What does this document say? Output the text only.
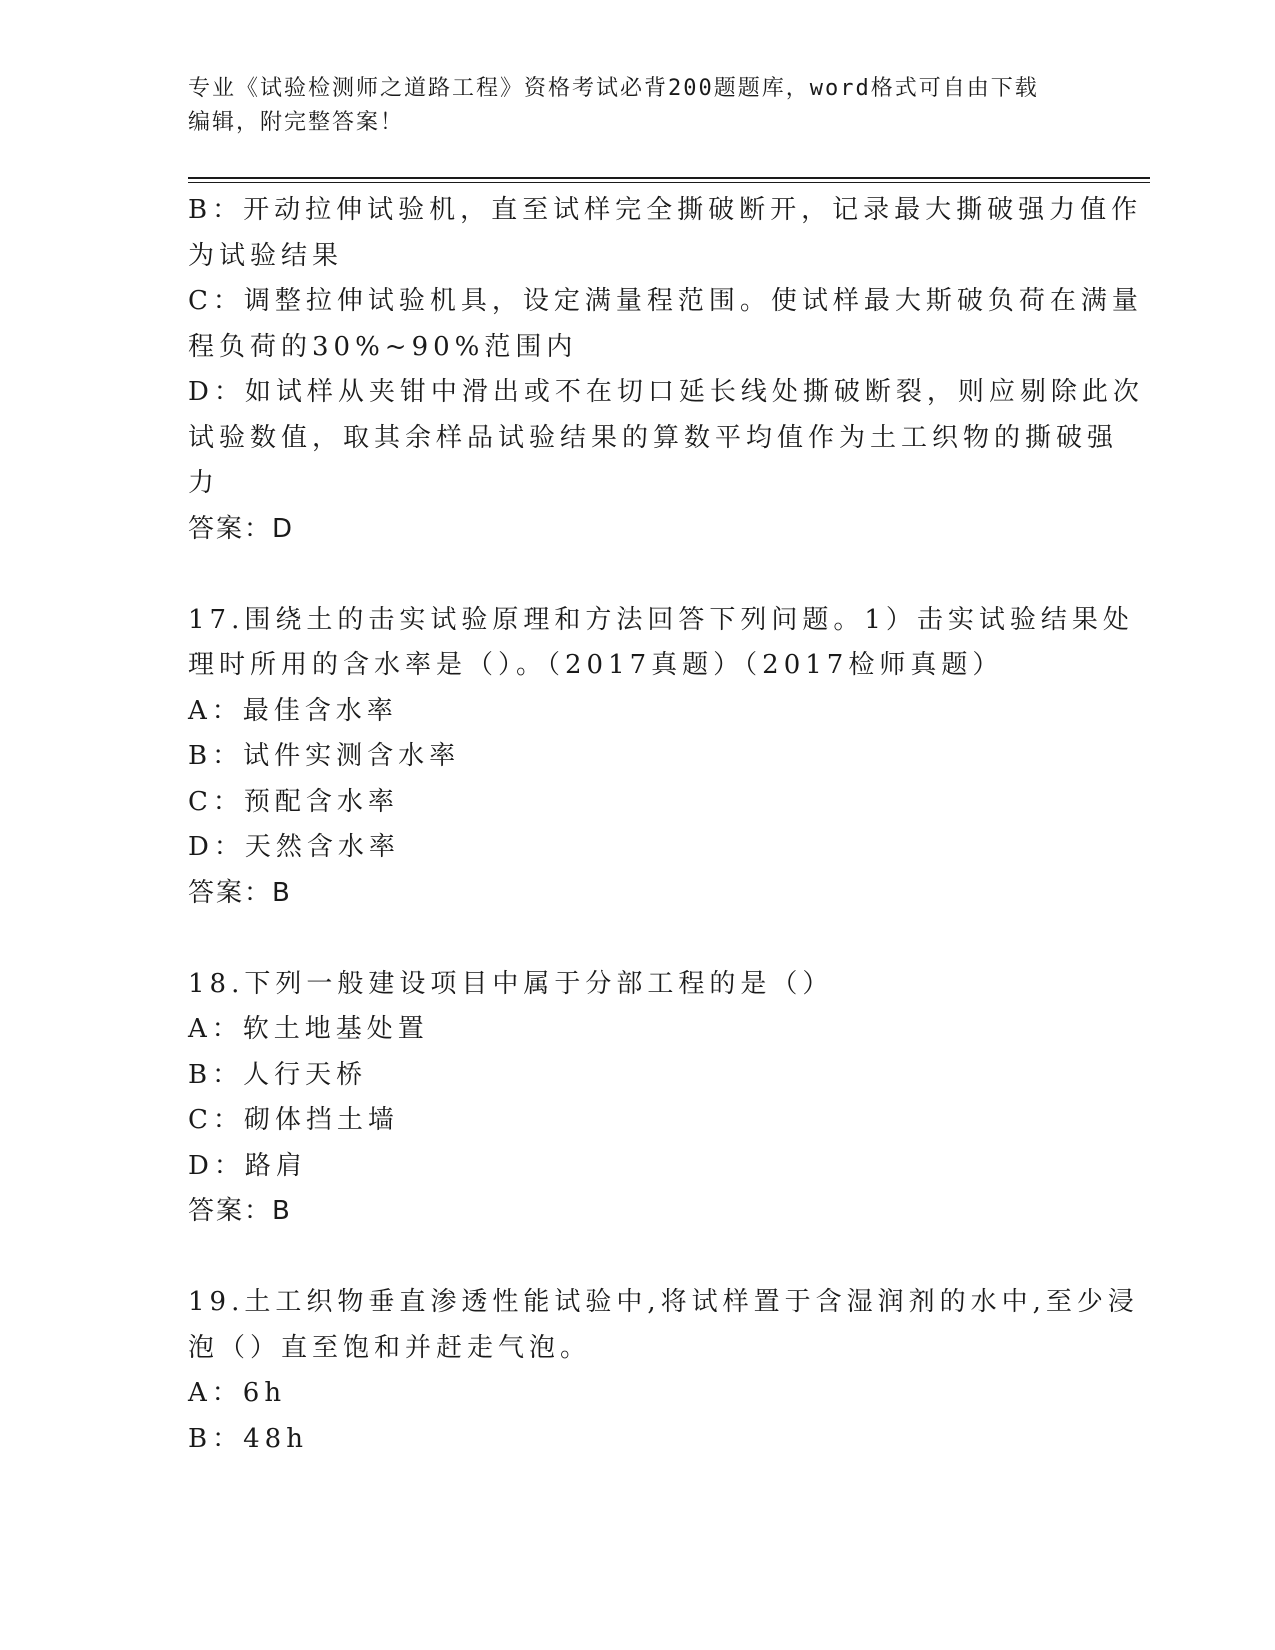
专业《试验检测师之道路工程》资格考试必背200题题库，word格式可自由下载
编辑，附完整答案！
B：开动拉伸试验机，直至试样完全撕破断开，记录最大撕破强力值作
为试验结果
C：调整拉伸试验机具，设定满量程范围。使试样最大斯破负荷在满量
程负荷的30%~90%范围内
D：如试样从夹钳中滑出或不在切口延长线处撕破断裂，则应剔除此次
试验数值，取其余样品试验结果的算数平均值作为土工织物的撕破强
力
答案：D
17.围绕土的击实试验原理和方法回答下列问题。1）击实试验结果处
理时所用的含水率是（）。（2017真题）（2017检师真题）
A：最佳含水率
B：试件实测含水率
C：预配含水率
D：天然含水率
答案：B
18.下列一般建设项目中属于分部工程的是（）
A：软土地基处置
B：人行天桥
C：砌体挡土墙
D：路肩
答案：B
19.土工织物垂直渗透性能试验中,将试样置于含湿润剂的水中,至少浸
泡（）直至饱和并赶走气泡。
A：6h
B：48h
